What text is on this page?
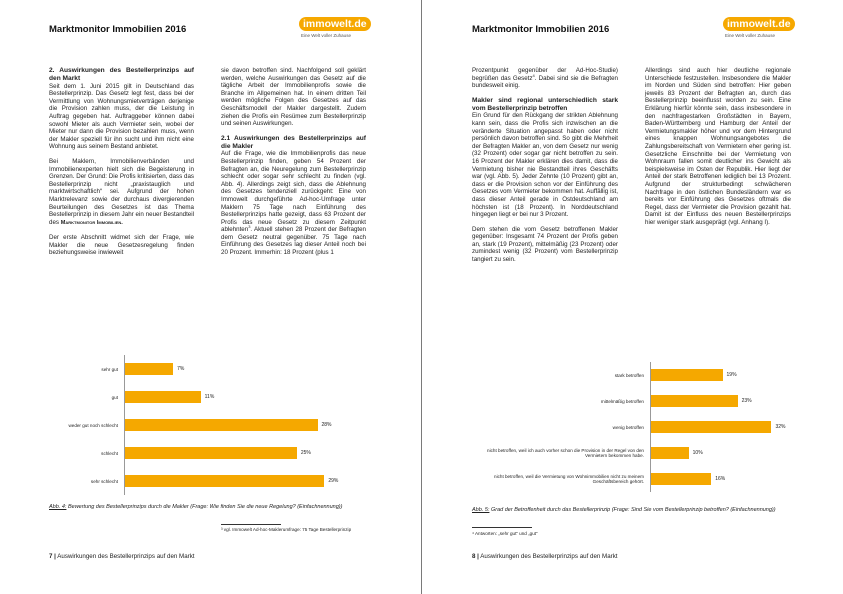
Marktmonitor Immobilien 2016	immowelt.de
Eine Welt voller Zuhause
2. Auswirkungen des Bestellerprinzips auf den Markt

Seit dem 1. Juni 2015 gilt in Deutschland das Bestellerprinzip. Das Gesetz legt fest, dass bei der Vermittlung von Wohnungsmietverträgen derjenige die Provision zahlen muss, der die Leistung in Auftrag gegeben hat. Auftraggeber können dabei sowohl Mieter als auch Vermieter sein, wobei der Mieter nur dann die Provision bezahlen muss, wenn der Makler speziell für ihn sucht und ihm nicht eine Wohnung aus seinem Bestand anbietet.

Bei Maklern, Immobilienverbänden und Immobilienexperten hielt sich die Begeisterung in Grenzen. Der Grund: Die Profis kritisierten, dass das Bestellerprinzip nicht „praxistauglich und marktwirtschaftlich“ sei. Aufgrund der hohen Marktrelevanz sowie der durchaus divergierenden Beurteilungen des Gesetzes ist das Thema Bestellerprinzip in diesem Jahr ein neuer Bestandteil des Marktmonitor Immobilien.

Der erste Abschnitt widmet sich der Frage, wie Makler die neue Gesetzesregelung finden beziehungsweise inwieweit

sie davon betroffen sind. Nachfolgend soll geklärt werden, welche Auswirkungen das Gesetz auf die tägliche Arbeit der Immobilienprofis sowie die Branche im Allgemeinen hat. In einem dritten Teil werden mögliche Folgen des Gesetzes auf das Geschäftsmodell der Makler dargestellt. Zudem ziehen die Profis ein Resümee zum Bestellerprinzip und seinen Auswirkungen.

2.1 Auswirkungen des Bestellerprinzips auf die Makler

Auf die Frage, wie die Immobilienprofis das neue Bestellerprinzip finden, geben 54 Prozent der Befragten an, die Neuregelung zum Bestellerprinzip schlecht oder sogar sehr schlecht zu finden (vgl. Abb. 4). Allerdings zeigt sich, dass die Ablehnung des Gesetzes tendenziell zurückgeht: Eine von Immowelt durchgeführte Ad-hoc-Umfrage unter Maklern 75 Tage nach Einführung des Bestellerprinzips hatte gezeigt, dass 63 Prozent der Profis das neue Gesetz zu diesem Zeitpunkt ablehnten$^3$. Aktuell stehen 28 Prozent der Befragten dem Gesetz neutral gegenüber. 75 Tage nach Einführung des Gesetzes lag dieser Anteil noch bei 20 Prozent. Immerhin: 18 Prozent (plus 1

sehr gut	7%
gut	11%
weder gut noch schlecht	28%
schlecht	25%
sehr schlecht	29%
Abb. 4: Bewertung des Bestellerprinzips durch die Makler (Frage: Wie finden Sie die neue Regelung? (Einfachnennung))
³ vgl. Immowelt Ad-hoc-Maklerumfrage: 75 Tage Bestellerprinzip
7 | Auswirkungen des Bestellerprinzips auf den Markt
Marktmonitor Immobilien 2016	immowelt.de
Eine Welt voller Zuhause

Prozentpunkt gegenüber der Ad-Hoc-Studie) begrüßen das Gesetz$^4$. Dabei sind sie die Befragten bundesweit einig.

Makler sind regional unterschiedlich stark vom Bestellerprinzip betroffen

Ein Grund für den Rückgang der strikten Ablehnung kann sein, dass die Profis sich inzwischen an die veränderte Situation angepasst haben oder nicht persönlich davon betroffen sind. So gibt die Mehrheit der Befragten Makler an, von dem Gesetz nur wenig (32 Prozent) oder sogar gar nicht betroffen zu sein. 16 Prozent der Makler erklären dies damit, dass die Vermietung bisher nie Bestandteil ihres Geschäfts war (vgl. Abb. 5). Jeder Zehnte (10 Prozent) gibt an, dass er die Provision schon vor der Einführung des Gesetzes vom Vermieter bekommen hat. Auffällig ist, dass dieser Anteil gerade in Ostdeutschland am höchsten ist (18 Prozent). In Norddeutschland hingegen liegt er bei nur 3 Prozent.

Dem stehen die vom Gesetz betroffenen Makler gegenüber: Insgesamt 74 Prozent der Profis geben an, stark (19 Prozent), mittelmäßig (23 Prozent) oder zumindest wenig (32 Prozent) vom Bestellerprinzip tangiert zu sein.

Allerdings sind auch hier deutliche regionale Unterschiede festzustellen. Insbesondere die Makler im Norden und Süden sind betroffen: Hier geben jeweils 83 Prozent der Befragten an, durch das Bestellerprinzip beeinflusst worden zu sein. Eine Erklärung hierfür könnte sein, dass insbesondere in den nachfragestarken Großstädten in Bayern, Baden-Württemberg und Hamburg der Anteil der Vermietungsmakler höher und vor dem Hintergrund eines knappen Wohnungsangebotes die Zahlungsbereitschaft von Vermietern eher gering ist. Gesetzliche Einschnitte bei der Vermietung von Wohnraum fallen somit deutlicher ins Gewicht als beispielsweise im Osten der Republik. Hier liegt der Anteil der stark Betroffenen lediglich bei 13 Prozent. Aufgrund der strukturbedingt schwächeren Nachfrage in den östlichen Bundesländern war es bereits vor Einführung des Gesetzes oftmals die Regel, dass der Vermieter die Provision gezahlt hat. Damit ist der Einfluss des neuen Bestellerprinzips hier weniger stark ausgeprägt (vgl. Anhang I).

stark betroffen	19%
mittelmäßig betroffen	23%
wenig betroffen	32%
nicht betroffen, weil ich auch vorher schon die Provision in der Regel von den Vermietern bekommen habe.	10%
nicht betroffen, weil die Vermietung von Wohnimmobilien nicht zu meinem Geschäftsbereich gehört.	16%
Abb. 5: Grad der Betroffenheit durch das Bestellerprinzip (Frage: Sind Sie vom Bestellerprinzip betroffen? (Einfachnennung))
⁴ Antworten: „sehr gut“ und „gut“
8 | Auswirkungen des Bestellerprinzips auf den Markt
